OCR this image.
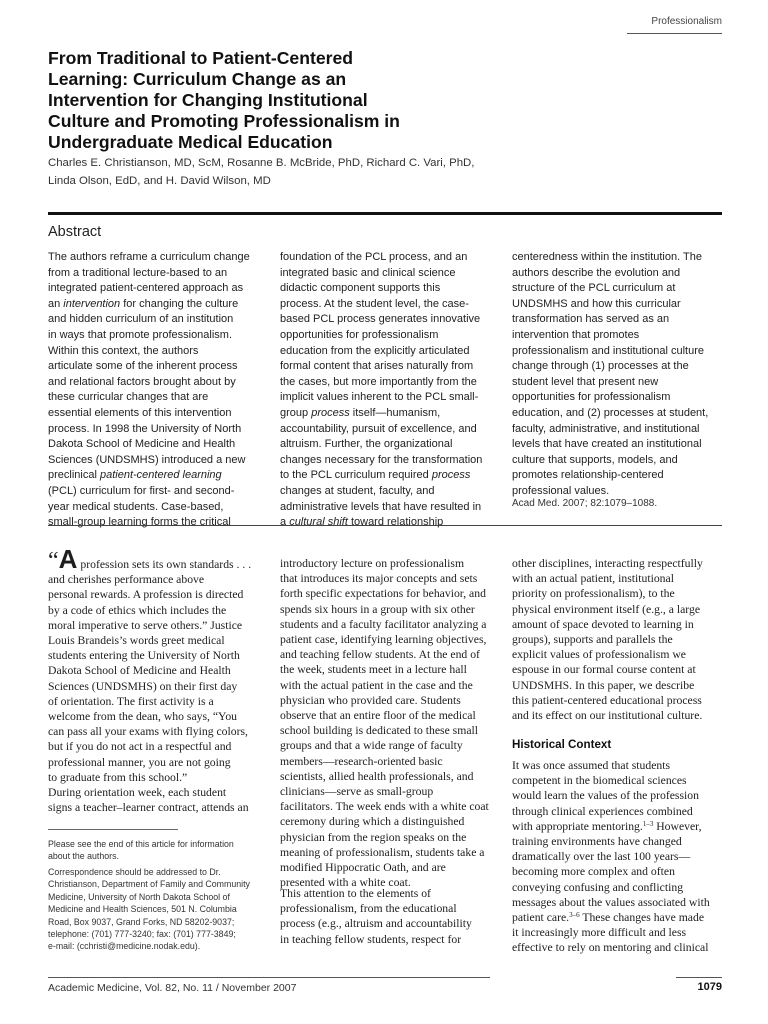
Professionalism
From Traditional to Patient-Centered
Learning: Curriculum Change as an
Intervention for Changing Institutional
Culture and Promoting Professionalism in
Undergraduate Medical Education
Charles E. Christianson, MD, ScM, Rosanne B. McBride, PhD, Richard C. Vari, PhD,
Linda Olson, EdD, and H. David Wilson, MD
Abstract
The authors reframe a curriculum change
from a traditional lecture-based to an
integrated patient-centered approach as
an intervention for changing the culture
and hidden curriculum of an institution
in ways that promote professionalism.
Within this context, the authors
articulate some of the inherent process
and relational factors brought about by
these curricular changes that are
essential elements of this intervention
process. In 1998 the University of North
Dakota School of Medicine and Health
Sciences (UNDSMHS) introduced a new
preclinical patient-centered learning
(PCL) curriculum for first- and second-
year medical students. Case-based,
small-group learning forms the critical
foundation of the PCL process, and an
integrated basic and clinical science
didactic component supports this
process. At the student level, the case-
based PCL process generates innovative
opportunities for professionalism
education from the explicitly articulated
formal content that arises naturally from
the cases, but more importantly from the
implicit values inherent to the PCL small-
group process itself—humanism,
accountability, pursuit of excellence, and
altruism. Further, the organizational
changes necessary for the transformation
to the PCL curriculum required process
changes at student, faculty, and
administrative levels that have resulted in
a cultural shift toward relationship
centeredness within the institution. The
authors describe the evolution and
structure of the PCL curriculum at
UNDSMHS and how this curricular
transformation has served as an
intervention that promotes
professionalism and institutional culture
change through (1) processes at the
student level that present new
opportunities for professionalism
education, and (2) processes at student,
faculty, administrative, and institutional
levels that have created an institutional
culture that supports, models, and
promotes relationship-centered
professional values.
Acad Med. 2007; 82:1079–1088.
“A profession sets its own standards . . .
and cherishes performance above
personal rewards. A profession is directed
by a code of ethics which includes the
moral imperative to serve others.” Justice
Louis Brandeis’s words greet medical
students entering the University of North
Dakota School of Medicine and Health
Sciences (UNDSMHS) on their first day
of orientation. The first activity is a
welcome from the dean, who says, “You
can pass all your exams with flying colors,
but if you do not act in a respectful and
professional manner, you are not going
to graduate from this school.”
During orientation week, each student
signs a teacher–learner contract, attends an
Please see the end of this article for information
about the authors.
Correspondence should be addressed to Dr.
Christianson, Department of Family and Community
Medicine, University of North Dakota School of
Medicine and Health Sciences, 501 N. Columbia
Road, Box 9037, Grand Forks, ND 58202-9037;
telephone: (701) 777-3240; fax: (701) 777-3849;
e-mail: (cchristi@medicine.nodak.edu).
introductory lecture on professionalism
that introduces its major concepts and sets
forth specific expectations for behavior, and
spends six hours in a group with six other
students and a faculty facilitator analyzing a
patient case, identifying learning objectives,
and teaching fellow students. At the end of
the week, students meet in a lecture hall
with the actual patient in the case and the
physician who provided care. Students
observe that an entire floor of the medical
school building is dedicated to these small
groups and that a wide range of faculty
members—research-oriented basic
scientists, allied health professionals, and
clinicians—serve as small-group
facilitators. The week ends with a white coat
ceremony during which a distinguished
physician from the region speaks on the
meaning of professionalism, students take a
modified Hippocratic Oath, and are
presented with a white coat.
This attention to the elements of
professionalism, from the educational
process (e.g., altruism and accountability
in teaching fellow students, respect for
other disciplines, interacting respectfully
with an actual patient, institutional
priority on professionalism), to the
physical environment itself (e.g., a large
amount of space devoted to learning in
groups), supports and parallels the
explicit values of professionalism we
espouse in our formal course content at
UNDSMHS. In this paper, we describe
this patient-centered educational process
and its effect on our institutional culture.
Historical Context
It was once assumed that students
competent in the biomedical sciences
would learn the values of the profession
through clinical experiences combined
with appropriate mentoring.$^{1-3}$ However,
training environments have changed
dramatically over the last 100 years—
becoming more complex and often
conveying confusing and conflicting
messages about the values associated with
patient care.$^{3-6}$ These changes have made
it increasingly more difficult and less
effective to rely on mentoring and clinical
Academic Medicine, Vol. 82, No. 11 / November 2007	1079
